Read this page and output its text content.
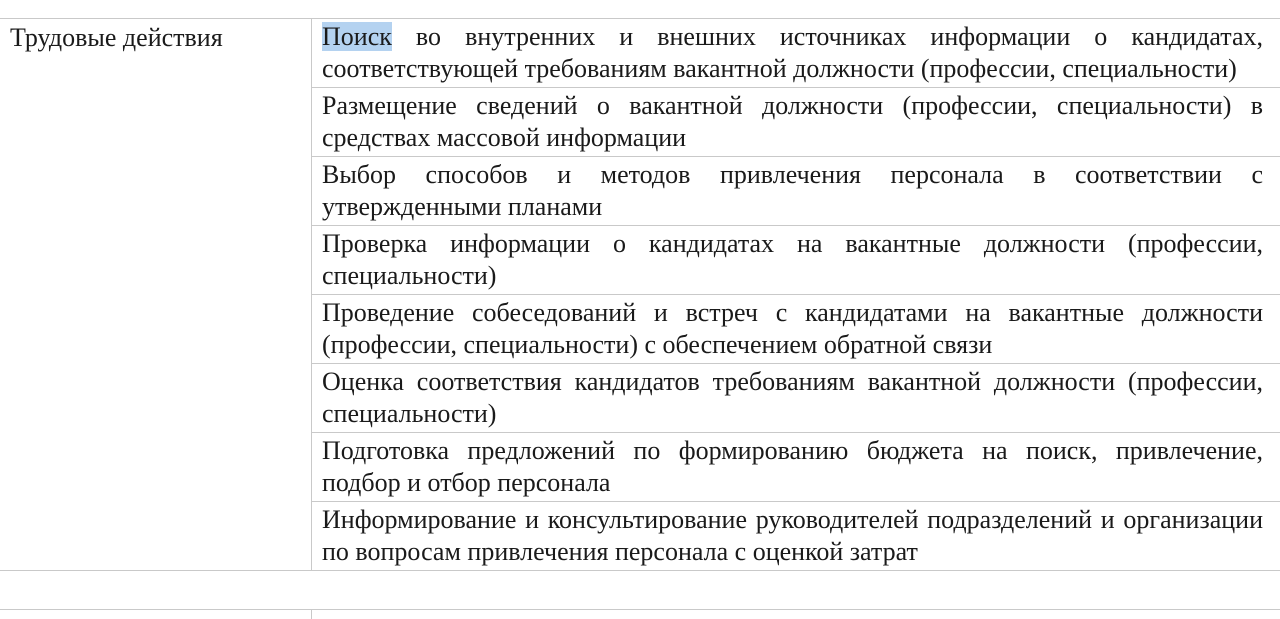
Трудовые действия	Поиск во внутренних и внешних источниках информации о кандидатах, соответствующей требованиям вакантной должности (профессии, специальности)

Размещение сведений о вакантной должности (профессии, специальности) в средствах массовой информации

Выбор способов и методов привлечения персонала в соответствии с утвержденными планами

Проверка информации о кандидатах на вакантные должности (профессии, специальности)

Проведение собеседований и встреч с кандидатами на вакантные должности (профессии, специальности) с обеспечением обратной связи

Оценка соответствия кандидатов требованиям вакантной должности (профессии, специальности)

Подготовка предложений по формированию бюджета на поиск, привлечение, подбор и отбор персонала

Информирование и консультирование руководителей подразделений и организации по вопросам привлечения персонала с оценкой затрат
